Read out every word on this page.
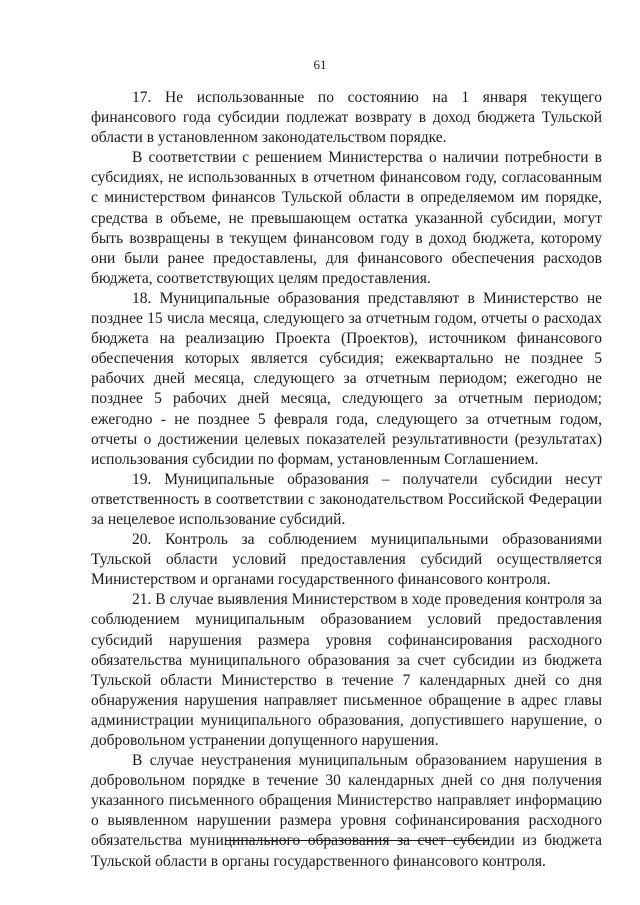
61

17. Не использованные по состоянию на 1 января текущего финансового года субсидии подлежат возврату в доход бюджета Тульской области в установленном законодательством порядке.

В соответствии с решением Министерства о наличии потребности в субсидиях, не использованных в отчетном финансовом году, согласованным с министерством финансов Тульской области в определяемом им порядке, средства в объеме, не превышающем остатка указанной субсидии, могут быть возвращены в текущем финансовом году в доход бюджета, которому они были ранее предоставлены, для финансового обеспечения расходов бюджета, соответствующих целям предоставления.

18. Муниципальные образования представляют в Министерство не позднее 15 числа месяца, следующего за отчетным годом, отчеты о расходах бюджета на реализацию Проекта (Проектов), источником финансового обеспечения которых является субсидия; ежеквартально не позднее 5 рабочих дней месяца, следующего за отчетным периодом; ежегодно не позднее 5 рабочих дней месяца, следующего за отчетным периодом; ежегодно - не позднее 5 февраля года, следующего за отчетным годом, отчеты о достижении целевых показателей результативности (результатах) использования субсидии по формам, установленным Соглашением.

19. Муниципальные образования – получатели субсидии несут ответственность в соответствии с законодательством Российской Федерации за нецелевое использование субсидий.

20. Контроль за соблюдением муниципальными образованиями Тульской области условий предоставления субсидий осуществляется Министерством и органами государственного финансового контроля.

21. В случае выявления Министерством в ходе проведения контроля за соблюдением муниципальным образованием условий предоставления субсидий нарушения размера уровня софинансирования расходного обязательства муниципального образования за счет субсидии из бюджета Тульской области Министерство в течение 7 календарных дней со дня обнаружения нарушения направляет письменное обращение в адрес главы администрации муниципального образования, допустившего нарушение, о добровольном устранении допущенного нарушения.

В случае неустранения муниципальным образованием нарушения в добровольном порядке в течение 30 календарных дней со дня получения указанного письменного обращения Министерство направляет информацию о выявленном нарушении размера уровня софинансирования расходного обязательства муниципального образования за счет субсидии из бюджета Тульской области в органы государственного финансового контроля.
